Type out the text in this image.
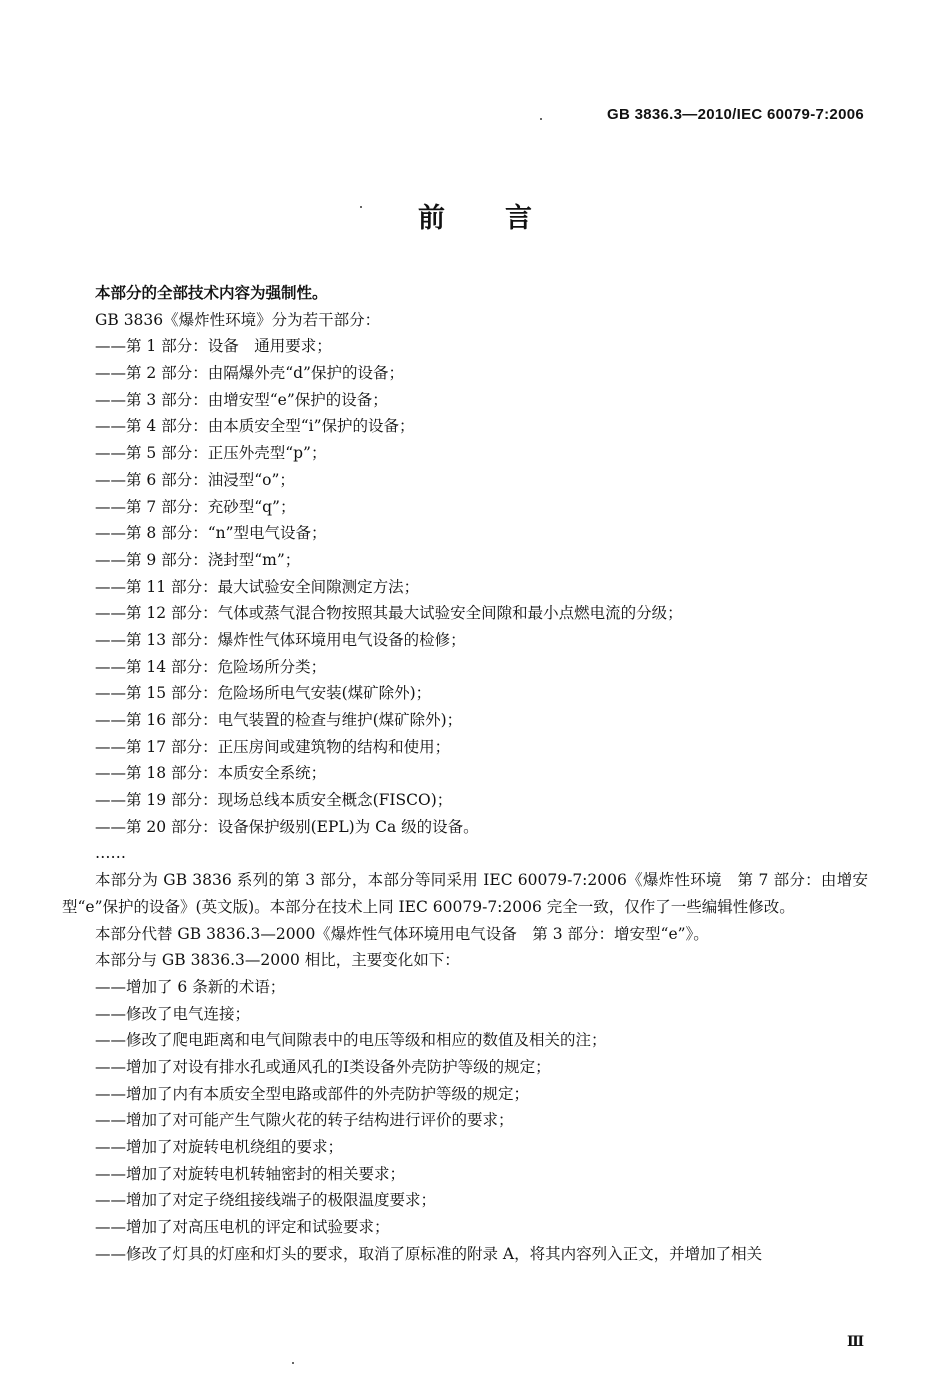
GB 3836.3—2010/IEC 60079-7:2006
前言
本部分的全部技术内容为强制性。
GB 3836《爆炸性环境》分为若干部分：
——第 1 部分：设备　通用要求；
——第 2 部分：由隔爆外壳“d”保护的设备；
——第 3 部分：由增安型“e”保护的设备；
——第 4 部分：由本质安全型“i”保护的设备；
——第 5 部分：正压外壳型“p”；
——第 6 部分：油浸型“o”；
——第 7 部分：充砂型“q”；
——第 8 部分：“n”型电气设备；
——第 9 部分：浇封型“m”；
——第 11 部分：最大试验安全间隙测定方法；
——第 12 部分：气体或蒸气混合物按照其最大试验安全间隙和最小点燃电流的分级；
——第 13 部分：爆炸性气体环境用电气设备的检修；
——第 14 部分：危险场所分类；
——第 15 部分：危险场所电气安装(煤矿除外)；
——第 16 部分：电气装置的检查与维护(煤矿除外)；
——第 17 部分：正压房间或建筑物的结构和使用；
——第 18 部分：本质安全系统；
——第 19 部分：现场总线本质安全概念(FISCO)；
——第 20 部分：设备保护级别(EPL)为 Ca 级的设备。
……
本部分为 GB 3836 系列的第 3 部分，本部分等同采用 IEC 60079-7:2006《爆炸性环境　第 7 部分：由增安型“e”保护的设备》(英文版)。本部分在技术上同 IEC 60079-7:2006 完全一致，仅作了一些编辑性修改。
本部分代替 GB 3836.3—2000《爆炸性气体环境用电气设备　第 3 部分：增安型“e”》。
本部分与 GB 3836.3—2000 相比，主要变化如下：
——增加了 6 条新的术语；
——修改了电气连接；
——修改了爬电距离和电气间隙表中的电压等级和相应的数值及相关的注；
——增加了对设有排水孔或通风孔的Ⅰ类设备外壳防护等级的规定；
——增加了内有本质安全型电路或部件的外壳防护等级的规定；
——增加了对可能产生气隙火花的转子结构进行评价的要求；
——增加了对旋转电机绕组的要求；
——增加了对旋转电机转轴密封的相关要求；
——增加了对定子绕组接线端子的极限温度要求；
——增加了对高压电机的评定和试验要求；
——修改了灯具的灯座和灯头的要求，取消了原标准的附录 A，将其内容列入正文，并增加了相关
Ⅲ
